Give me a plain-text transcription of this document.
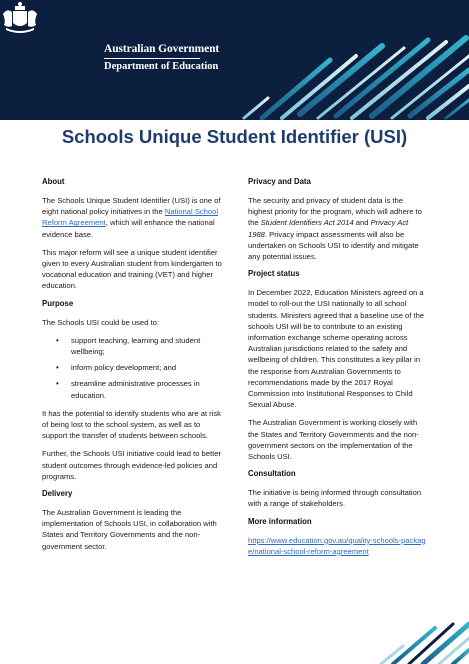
Australian Government
Department of Education
Schools Unique Student Identifier (USI)
About

The Schools Unique Student Identifier (USI) is one of eight national policy initiatives in the National School Reform Agreement, which will enhance the national evidence base.

This major reform will see a unique student identifier given to every Australian student from kindergarten to vocational education and training (VET) and higher education.

Purpose

The Schools USI could be used to:

• support teaching, learning and student wellbeing;
• inform policy development; and
• streamline administrative processes in education.

It has the potential to identify students who are at risk of being lost to the school system, as well as to support the transfer of students between schools.

Further, the Schools USI initiative could lead to better student outcomes through evidence-led policies and programs.

Delivery

The Australian Government is leading the implementation of Schools USI, in collaboration with States and Territory Governments and the non-government sector.

Privacy and Data

The security and privacy of student data is the highest priority for the program, which will adhere to the Student Identifiers Act 2014 and Privacy Act 1988. Privacy impact assessments will also be undertaken on Schools USI to identify and mitigate any potential issues.

Project status

In December 2022, Education Ministers agreed on a model to roll-out the USI nationally to all school students. Ministers agreed that a baseline use of the schools USI will be to contribute to an existing information exchange scheme operating across Australian jurisdictions related to the safety and wellbeing of children. This constitutes a key pillar in the response from Australian Governments to recommendations made by the 2017 Royal Commission into Institutional Responses to Child Sexual Abuse.

The Australian Government is working closely with the States and Territory Governments and the non-government sectors on the implementation of the Schools USI.

Consultation

The initiative is being informed through consultation with a range of stakeholders.

More information

https://www.education.gov.au/quality-schools-package/national-school-reform-agreement
